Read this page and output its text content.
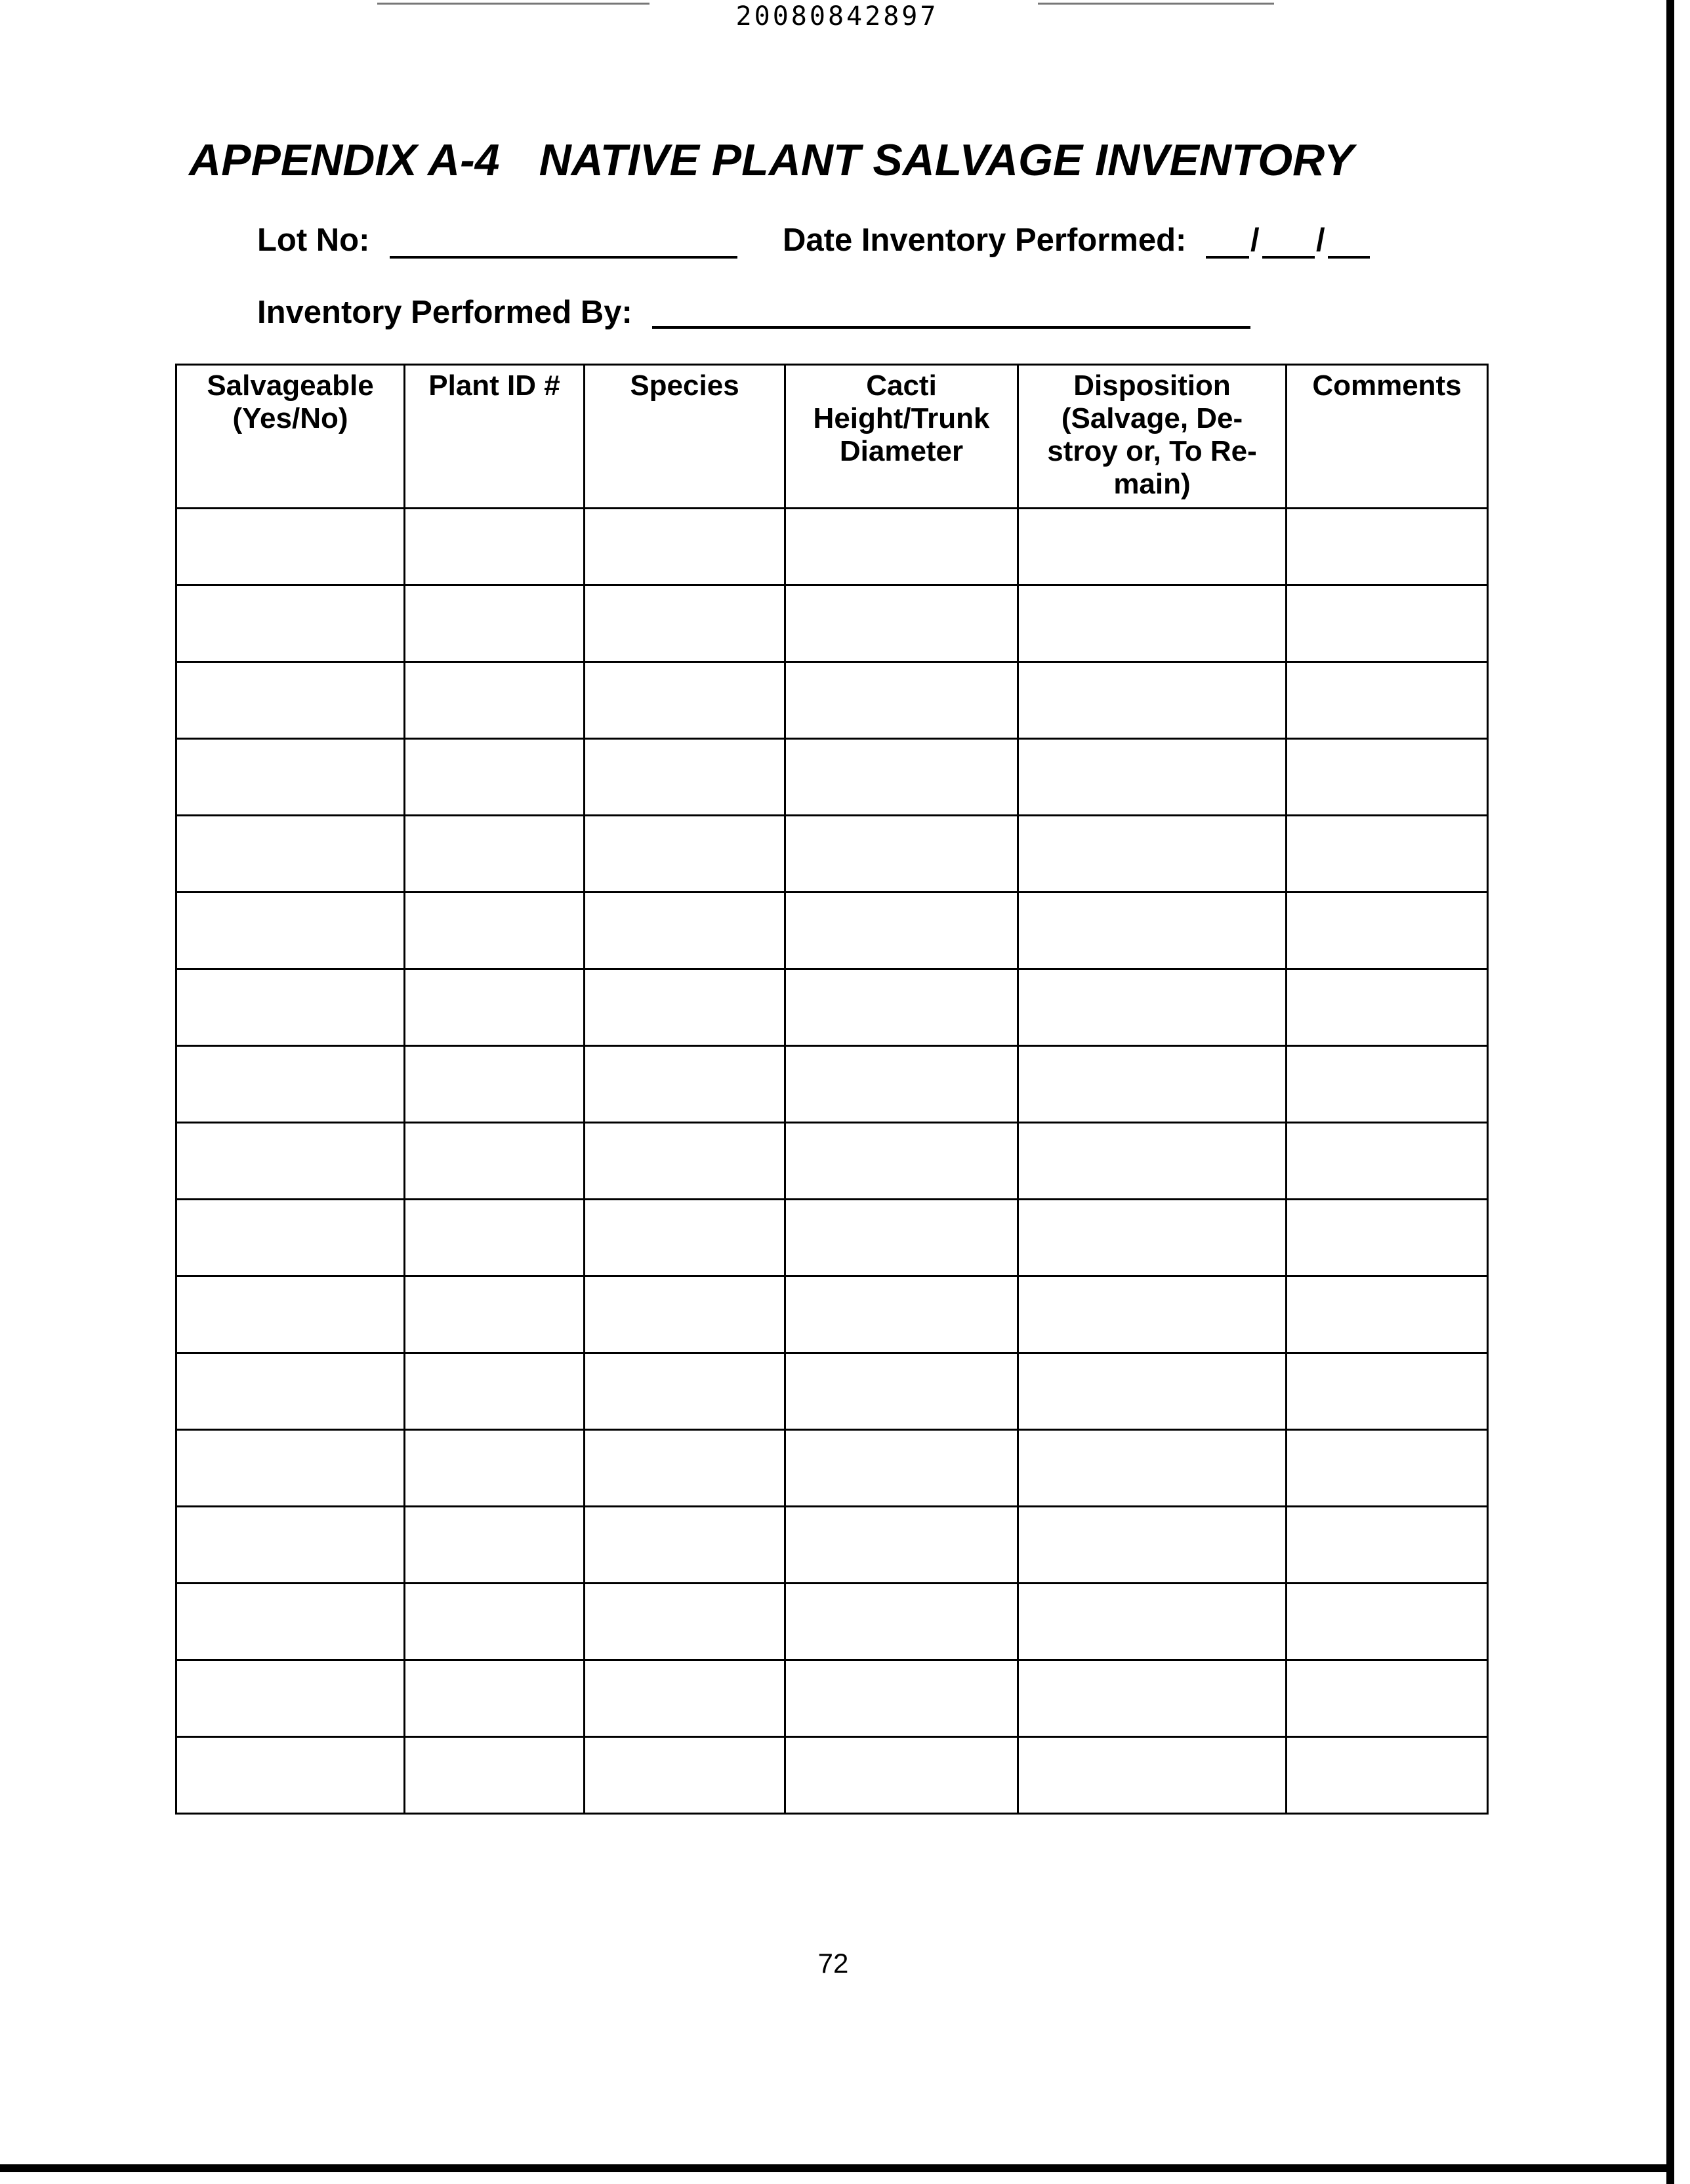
20080842897
APPENDIX A-4 NATIVE PLANT SALVAGE INVENTORY
Lot No:	Date Inventory Performed: / /
Inventory Performed By:
Salvageable
(Yes/No)	Plant ID #	Species	Cacti
Height/Trunk
Diameter	Disposition
(Salvage, De-
stroy or, To Re-
main)	Comments

72
